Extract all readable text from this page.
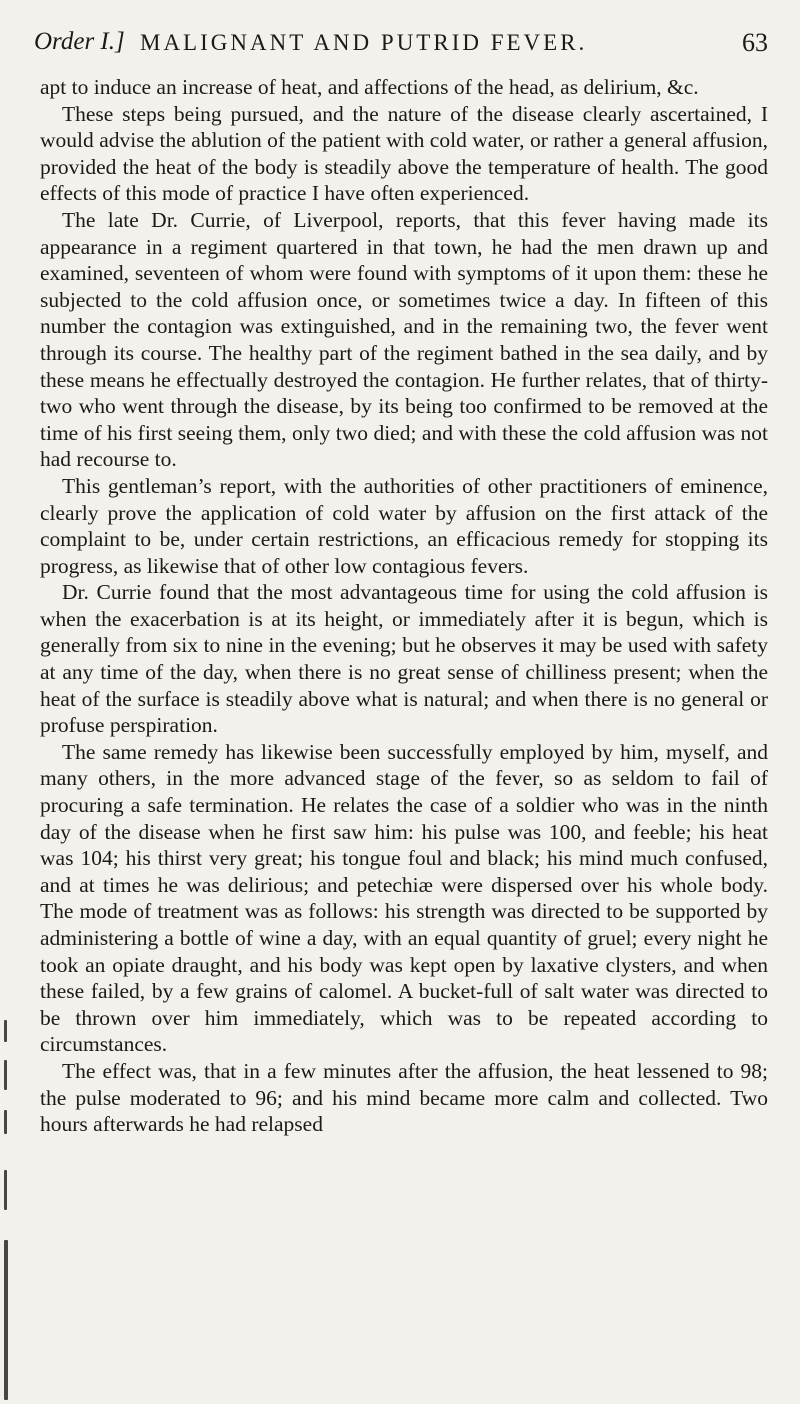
Order I.] MALIGNANT AND PUTRID FEVER.	63

apt to induce an increase of heat, and affections of the head, as delirium, &c.

These steps being pursued, and the nature of the disease clearly ascertained, I would advise the ablution of the patient with cold water, or rather a general affusion, provided the heat of the body is steadily above the temperature of health. The good effects of this mode of practice I have often experienced.

The late Dr. Currie, of Liverpool, reports, that this fever having made its appearance in a regiment quartered in that town, he had the men drawn up and examined, seventeen of whom were found with symptoms of it upon them: these he subjected to the cold affusion once, or sometimes twice a day. In fifteen of this number the contagion was extinguished, and in the remaining two, the fever went through its course. The healthy part of the regiment bathed in the sea daily, and by these means he effectually destroyed the contagion. He further relates, that of thirty-two who went through the disease, by its being too confirmed to be removed at the time of his first seeing them, only two died; and with these the cold affusion was not had recourse to.

This gentleman’s report, with the authorities of other practitioners of eminence, clearly prove the application of cold water by affusion on the first attack of the complaint to be, under certain restrictions, an efficacious remedy for stopping its progress, as likewise that of other low contagious fevers.

Dr. Currie found that the most advantageous time for using the cold affusion is when the exacerbation is at its height, or immediately after it is begun, which is generally from six to nine in the evening; but he observes it may be used with safety at any time of the day, when there is no great sense of chilliness present; when the heat of the surface is steadily above what is natural; and when there is no general or profuse perspiration.

The same remedy has likewise been successfully employed by him, myself, and many others, in the more advanced stage of the fever, so as seldom to fail of procuring a safe termination. He relates the case of a soldier who was in the ninth day of the disease when he first saw him: his pulse was 100, and feeble; his heat was 104; his thirst very great; his tongue foul and black; his mind much confused, and at times he was delirious; and petechiæ were dispersed over his whole body. The mode of treatment was as follows: his strength was directed to be supported by administering a bottle of wine a day, with an equal quantity of gruel; every night he took an opiate draught, and his body was kept open by laxative clysters, and when these failed, by a few grains of calomel. A bucket-full of salt water was directed to be thrown over him immediately, which was to be repeated according to circumstances.

The effect was, that in a few minutes after the affusion, the heat lessened to 98; the pulse moderated to 96; and his mind became more calm and collected. Two hours afterwards he had relapsed
